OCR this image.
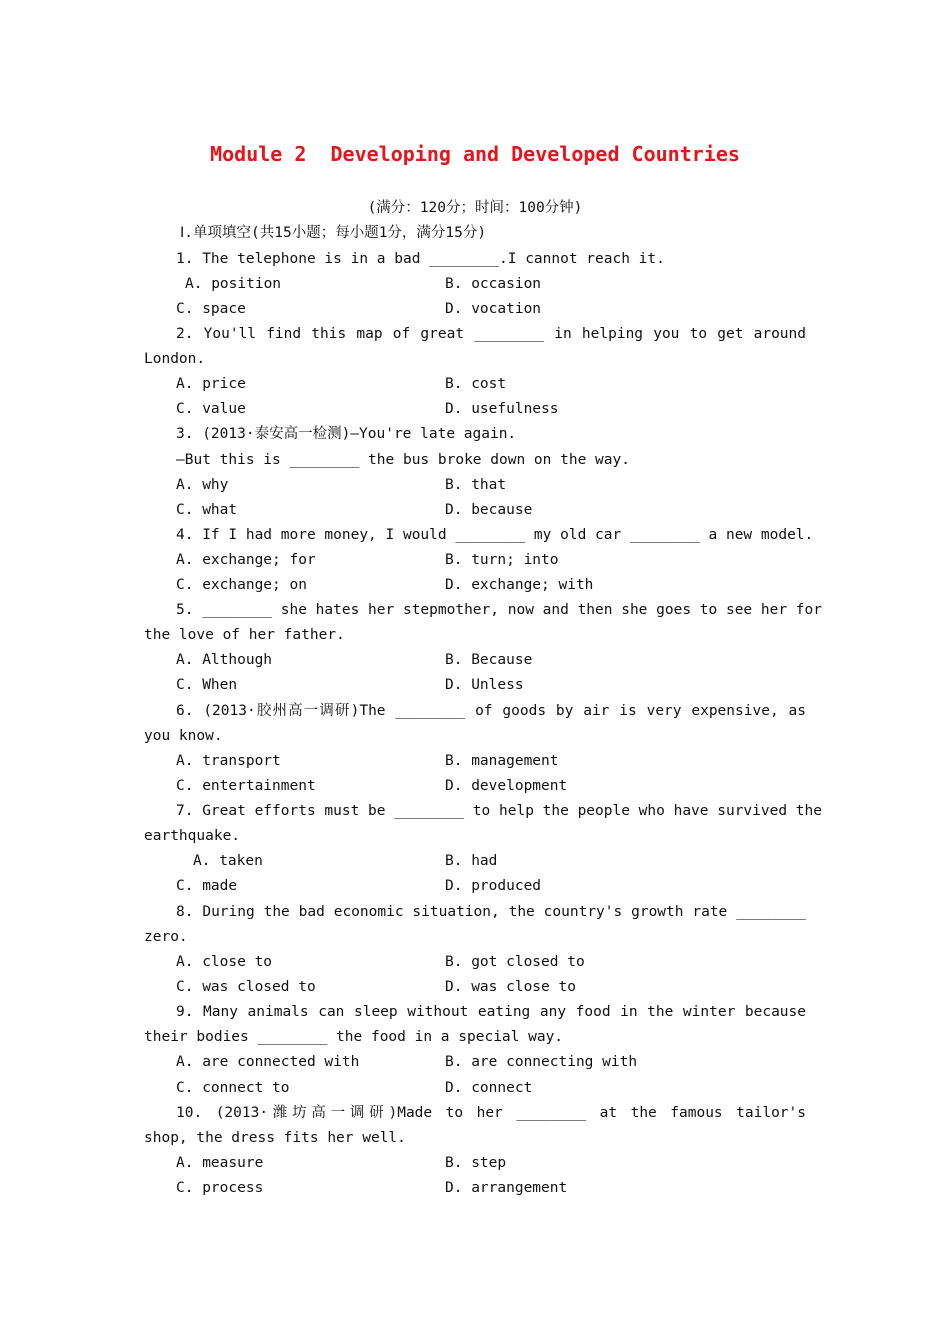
Module 2  Developing and Developed Countries
(满分：120分；时间：100分钟)
Ⅰ.单项填空(共15小题；每小题1分，满分15分)
1. The telephone is in a bad ________.I cannot reach it.
A. position	B. occasion
C. space	D. vocation
2. You'll find this map of great ________ in helping you to get around
London.
A. price	B. cost
C. value	D. usefulness
3. (2013·泰安高一检测)—You're late again.
—But this is ________ the bus broke down on the way.
A. why	B. that
C. what	D. because
4. If I had more money, I would ________ my old car ________ a new model.
A. exchange; for	B. turn; into
C. exchange; on	D. exchange; with
5. ________ she hates her stepmother, now and then she goes to see her for
the love of her father.
A. Although	B. Because
C. When	D. Unless
6. (2013·胶州高一调研)The ________ of goods by air is very expensive, as
you know.
A. transport	B. management
C. entertainment	D. development
7. Great efforts must be ________ to help the people who have survived the
earthquake.
A. taken	B. had
C. made	D. produced
8. During the bad economic situation, the country's growth rate ________
zero.
A. close to	B. got closed to
C. was closed to	D. was close to
9. Many animals can sleep without eating any food in the winter because
their bodies ________ the food in a special way.
A. are connected with	B. are connecting with
C. connect to	D. connect
10. (2013·潍坊高一调研)Made to her ________ at the famous tailor's
shop, the dress fits her well.
A. measure	B. step
C. process	D. arrangement
